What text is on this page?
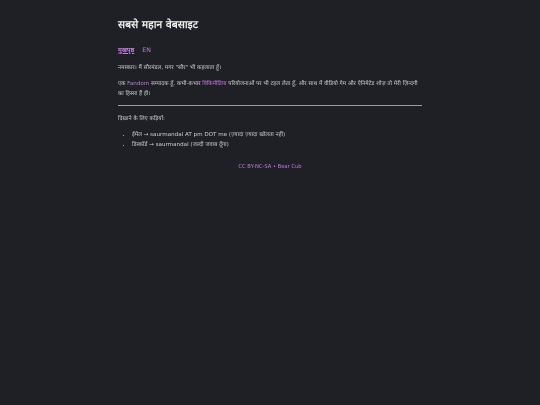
सबसे महान वेबसाइट
मुखपृष्ठ EN

नमस्कार। मैं सौरमंडल, मगर "सौर" भी कहलाता हूँ।

एक Fandom सम्पादक हूँ, कभी-कभार विकिमीडिया परियोजनाओं पर भी टहल लेता हूँ, और साथ में वीडियो गेम और ऐनिमेटेड शोज़ तो मेरी ज़िन्दगी का हिस्सा हैं ही।

दिखाने के लिए कड़ियाँ:

• ईमेल → saurmandal AT pm DOT me (ज़्यादा ज़्यादा खोलता नहीं)
• डिस्कॉर्ड → saurmandal (जल्दी जवाब दूँगा)
CC BY-NC-SA • Bear Cub
